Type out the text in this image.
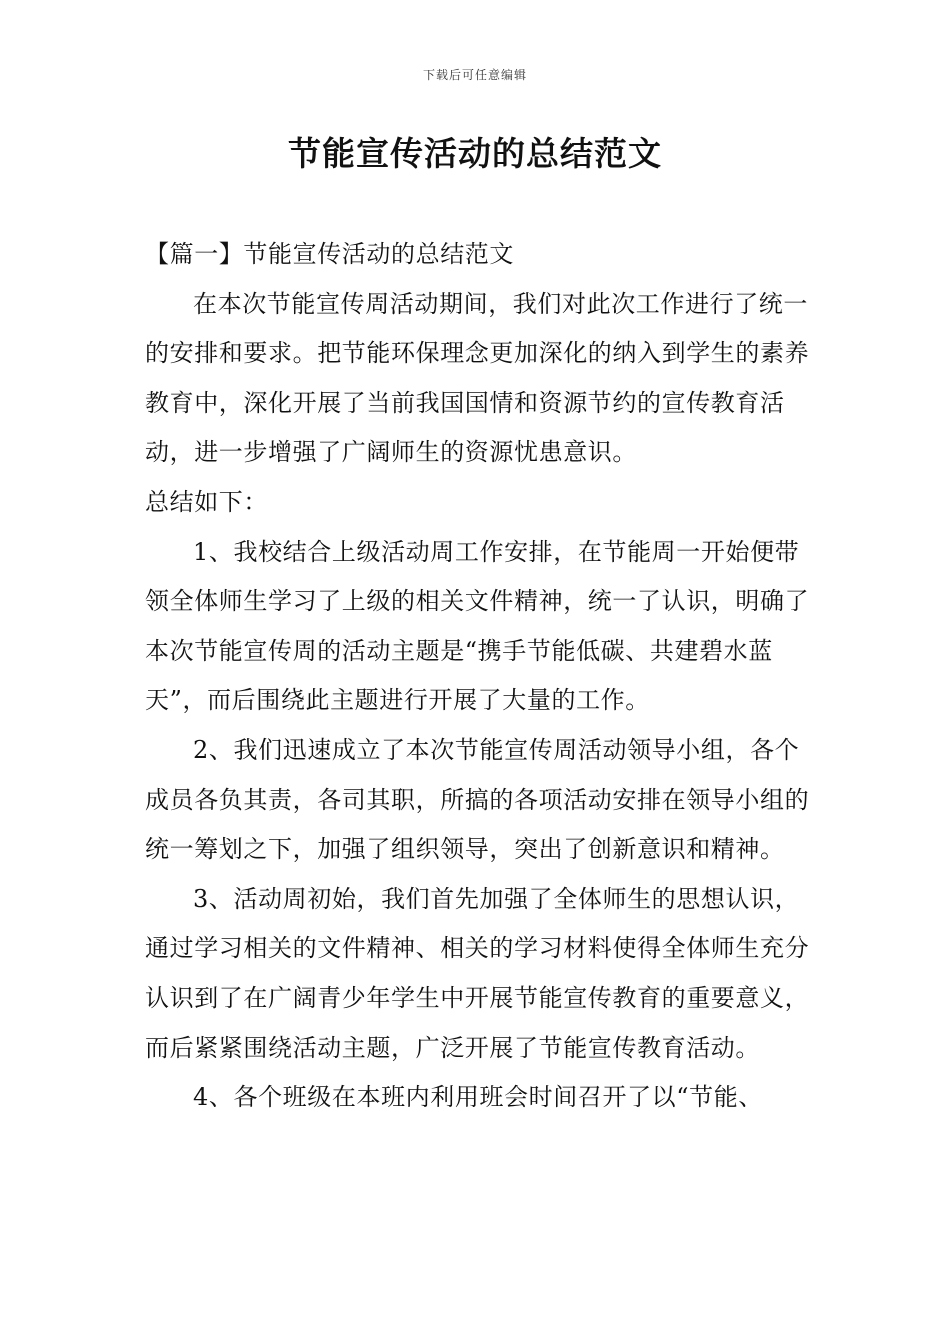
下载后可任意编辑
节能宣传活动的总结范文

【篇一】节能宣传活动的总结范文

在本次节能宣传周活动期间，我们对此次工作进行了统一的安排和要求。把节能环保理念更加深化的纳入到学生的素养教育中，深化开展了当前我国国情和资源节约的宣传教育活动，进一步增强了广阔师生的资源忧患意识。

总结如下：

1、我校结合上级活动周工作安排，在节能周一开始便带领全体师生学习了上级的相关文件精神，统一了认识，明确了本次节能宣传周的活动主题是“携手节能低碳、共建碧水蓝天”，而后围绕此主题进行开展了大量的工作。

2、我们迅速成立了本次节能宣传周活动领导小组，各个成员各负其责，各司其职，所搞的各项活动安排在领导小组的统一筹划之下，加强了组织领导，突出了创新意识和精神。

3、活动周初始，我们首先加强了全体师生的思想认识，通过学习相关的文件精神、相关的学习材料使得全体师生充分认识到了在广阔青少年学生中开展节能宣传教育的重要意义，而后紧紧围绕活动主题，广泛开展了节能宣传教育活动。

4、各个班级在本班内利用班会时间召开了以“节能、
